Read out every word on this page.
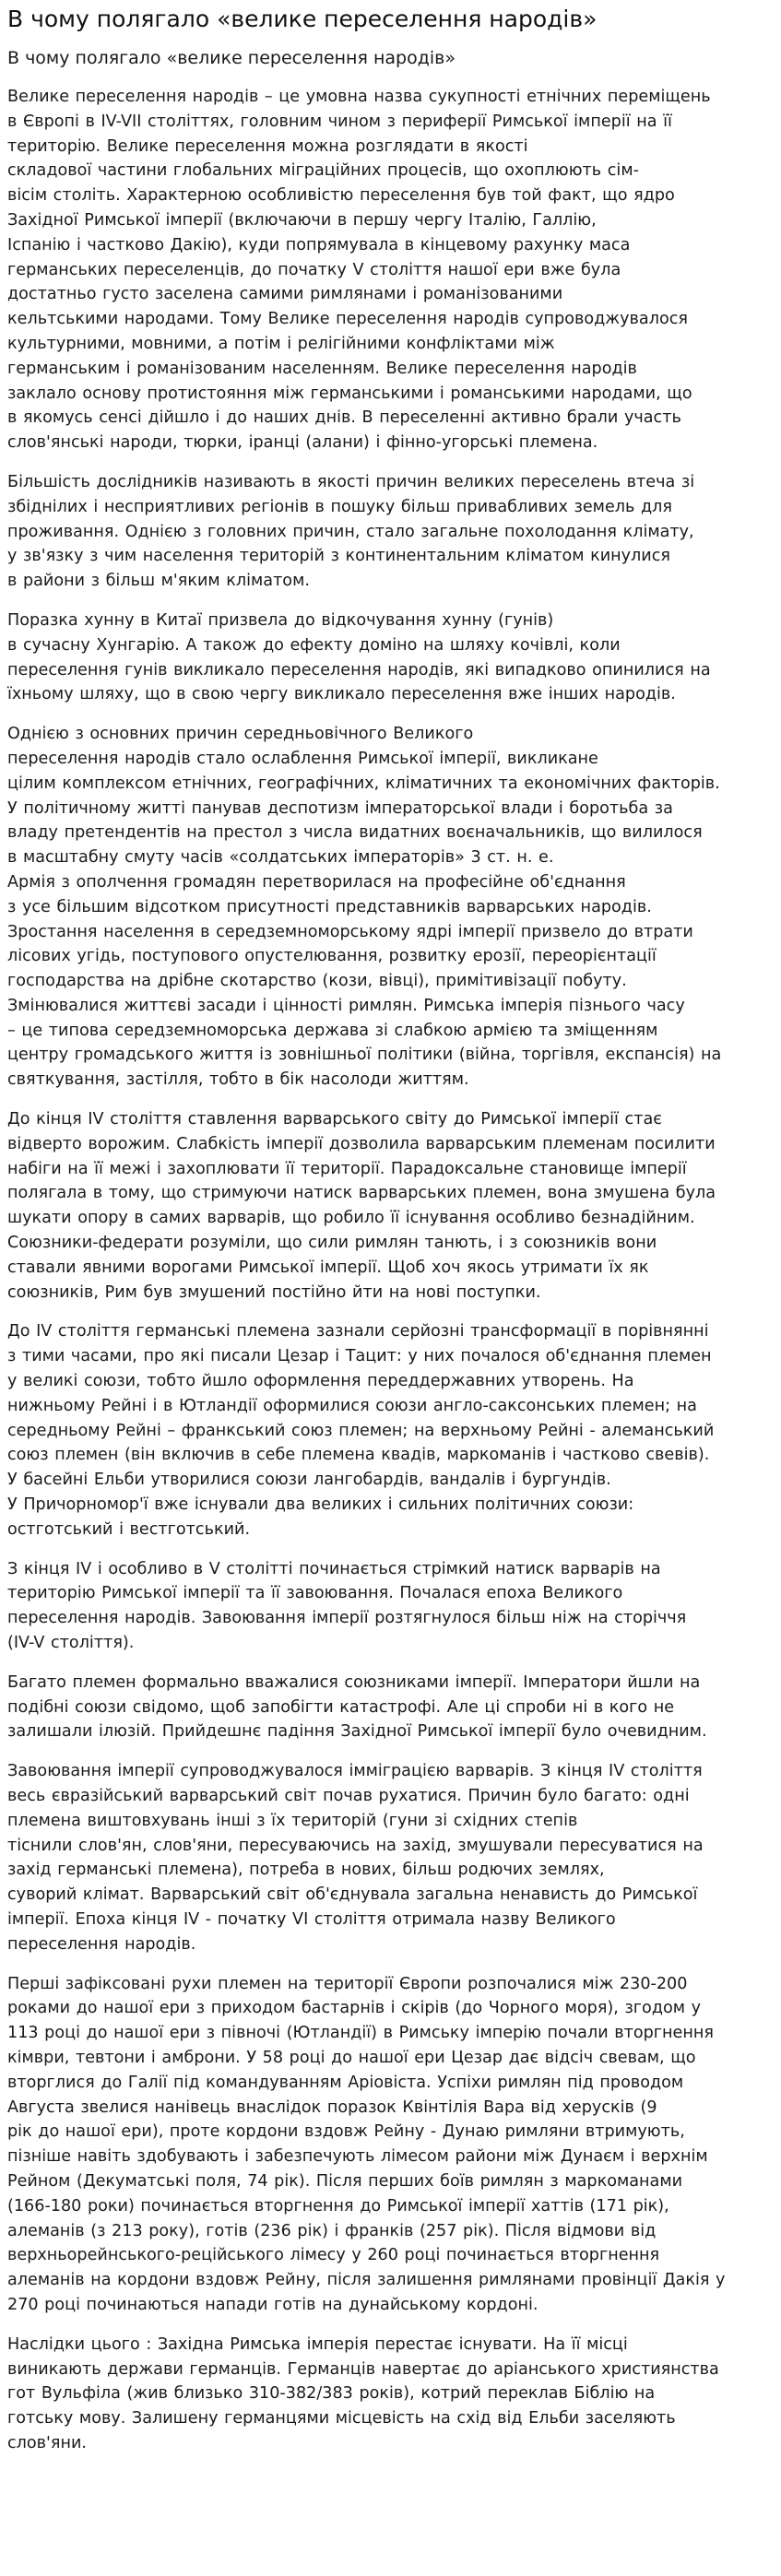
В чому полягало «велике переселення народів»

В чому полягало «велике переселення народів»

Велике переселення народів – це умовна назва сукупності етнічних переміщень
в Європі в IV-VII століттях, головним чином з периферії Римської імперії на її
територію. Велике переселення можна розглядати в якості
складової частини глобальних міграційних процесів, що охоплюють сім-
вісім століть. Характерною особливістю переселення був той факт, що ядро
Західної Римської імперії (включаючи в першу чергу Італію, Галлію,
Іспанію і частково Дакію), куди попрямувала в кінцевому рахунку маса
германських переселенців, до початку V століття нашої ери вже була
достатньо густо заселена самими римлянами і романізованими
кельтськими народами. Тому Велике переселення народів супроводжувалося
культурними, мовними, а потім і релігійними конфліктами між
германським і романізованим населенням. Велике переселення народів
заклало основу протистояння між германськими і романськими народами, що
в якомусь сенсі дійшло і до наших днів. В переселенні активно брали участь
слов'янські народи, тюрки, іранці (алани) і фінно-угорські племена.

Більшість дослідників називають в якості причин великих переселень втеча зі
збіднілих і несприятливих регіонів в пошуку більш привабливих земель для
проживання. Однією з головних причин, стало загальне похолодання клімату,
у зв'язку з чим населення територій з континентальним кліматом кинулися
в райони з більш м'яким кліматом.

Поразка хунну в Китаї призвела до відкочування хунну (гунів)
в сучасну Хунгарію. А також до ефекту доміно на шляху кочівлі, коли
переселення гунів викликало переселення народів, які випадково опинилися на
їхньому шляху, що в свою чергу викликало переселення вже інших народів.

Однією з основних причин середньовічного Великого
переселення народів стало ослаблення Римської імперії, викликане
цілим комплексом етнічних, географічних, кліматичних та економічних факторів.
У політичному житті панував деспотизм імператорської влади і боротьба за
владу претендентів на престол з числа видатних воєначальників, що вилилося
в масштабну смуту часів «солдатських імператорів» 3 ст. н. е.
Армія з ополчення громадян перетворилася на професійне об'єднання
з усе більшим відсотком присутності представників варварських народів.
Зростання населення в середземноморському ядрі імперії призвело до втрати
лісових угідь, поступового опустелювання, розвитку ерозії, переорієнтації
господарства на дрібне скотарство (кози, вівці), примітивізації побуту.
Змінювалися життєві засади і цінності римлян. Римська імперія пізнього часу
– це типова середземноморська держава зі слабкою армією та зміщенням
центру громадського життя із зовнішньої політики (війна, торгівля, експансія) на
святкування, застілля, тобто в бік насолоди життям.

До кінця IV століття ставлення варварського світу до Римської імперії стає
відверто ворожим. Слабкість імперії дозволила варварським племенам посилити
набіги на її межі і захоплювати її території. Парадоксальне становище імперії
полягала в тому, що стримуючи натиск варварських племен, вона змушена була
шукати опору в самих варварів, що робило її існування особливо безнадійним.
Союзники-федерати розуміли, що сили римлян танють, і з союзників вони
ставали явними ворогами Римської імперії. Щоб хоч якось утримати їх як
союзників, Рим був змушений постійно йти на нові поступки.

До IV століття германські племена зазнали серйозні трансформації в порівнянні
з тими часами, про які писали Цезар і Тацит: у них почалося об'єднання племен
у великі союзи, тобто йшло оформлення переддержавних утворень. На
нижньому Рейні і в Ютландії оформилися союзи англо-саксонських племен; на
середньому Рейні – франкський союз племен; на верхньому Рейні - алеманський
союз племен (він включив в себе племена квадів, маркоманів і частково свевів).
У басейні Ельби утворилися союзи лангобардів, вандалів і бургундів.
У Причорномор'ї вже існували два великих і сильних політичних союзи:
остготський і вестготський.

З кінця IV і особливо в V столітті починається стрімкий натиск варварів на
територію Римської імперії та її завоювання. Почалася епоха Великого
переселення народів. Завоювання імперії розтягнулося більш ніж на сторіччя
(IV-V століття).

Багато племен формально вважалися союзниками імперії. Імператори йшли на
подібні союзи свідомо, щоб запобігти катастрофі. Але ці спроби ні в кого не
залишали ілюзій. Прийдешнє падіння Західної Римської імперії було очевидним.

Завоювання імперії супроводжувалося імміграцією варварів. З кінця IV століття
весь євразійський варварський світ почав рухатися. Причин було багато: одні
племена виштовхувань інші з їх територій (гуни зі східних степів
тіснили слов'ян, слов'яни, пересуваючись на захід, змушували пересуватися на
захід германські племена), потреба в нових, більш родючих землях,
суворий клімат. Варварський світ об'єднувала загальна ненависть до Римської
імперії. Епоха кінця IV - початку VI століття отримала назву Великого
переселення народів.

Перші зафіксовані рухи племен на території Європи розпочалися між 230-200
роками до нашої ери з приходом бастарнів і скірів (до Чорного моря), згодом у
113 році до нашої ери з півночі (Ютландії) в Римську імперію почали вторгнення
кімври, тевтони і амброни. У 58 році до нашої ери Цезар дає відсіч свевам, що
вторглися до Галії під командуванням Аріовіста. Успіхи римлян під проводом
Августа звелися нанівець внаслідок поразок Квінтілія Вара від херусків (9
рік до нашої ери), проте кордони вздовж Рейну - Дунаю римляни втримують,
пізніше навіть здобувають і забезпечують лімесом райони між Дунаєм і верхнім
Рейном (Декуматські поля, 74 рік). Після перших боїв римлян з маркоманами
(166-180 роки) починається вторгнення до Римської імперії хаттів (171 рік),
алеманів (з 213 року), готів (236 рік) і франків (257 рік). Після відмови від
верхньорейнського-реційського лімесу у 260 році починається вторгнення
алеманів на кордони вздовж Рейну, після залишення римлянами провінції Дакія у
270 році починаються напади готів на дунайському кордоні.

Наслідки цього : Західна Римська імперія перестає існувати. На її місці
виникають держави германців. Германців навертає до аріанського християнства
гот Вульфіла (жив близько 310-382/383 років), котрий переклав Біблію на
готську мову. Залишену германцями місцевість на схід від Ельби заселяють
слов'яни.
